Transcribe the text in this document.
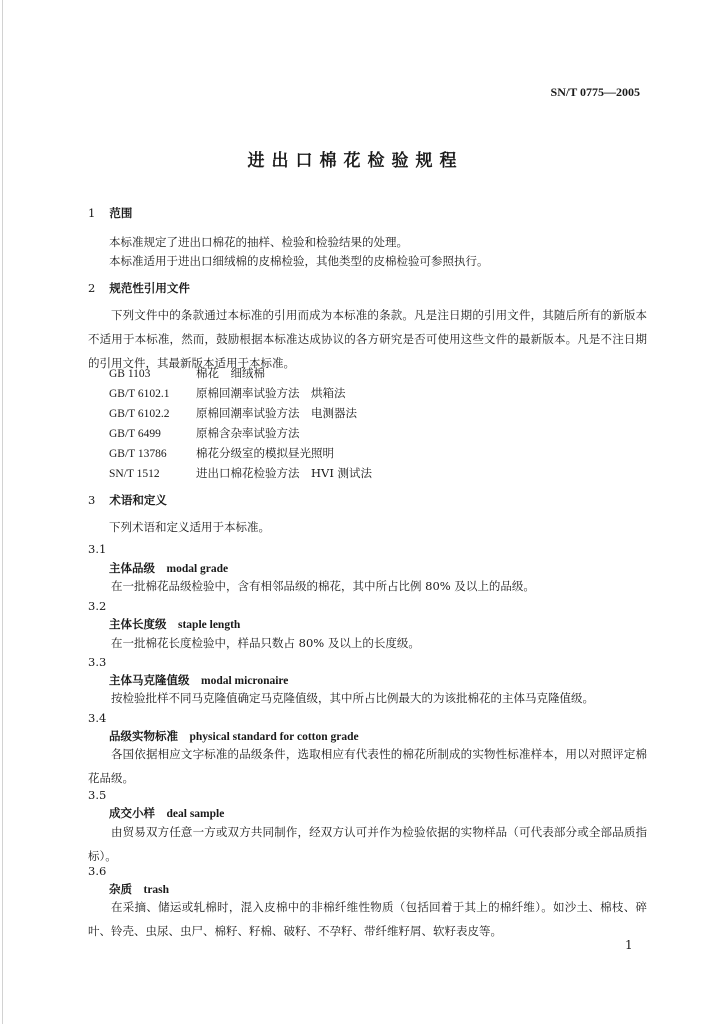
SN/T 0775—2005
进出口棉花检验规程
1 范围
本标准规定了进出口棉花的抽样、检验和检验结果的处理。
本标准适用于进出口细绒棉的皮棉检验，其他类型的皮棉检验可参照执行。
2 规范性引用文件
下列文件中的条款通过本标准的引用而成为本标准的条款。凡是注日期的引用文件，其随后所有的新版本不适用于本标准，然而，鼓励根据本标准达成协议的各方研究是否可使用这些文件的最新版本。凡是不注日期的引用文件，其最新版本适用于本标准。
GB 1103	棉花　细绒棉
GB/T 6102.1 原棉回潮率试验方法　烘箱法
GB/T 6102.2 原棉回潮率试验方法　电测器法
GB/T 6499	原棉含杂率试验方法
GB/T 13786	棉花分级室的模拟昼光照明
SN/T 1512	进出口棉花检验方法　HVI 测试法
3 术语和定义
下列术语和定义适用于本标准。
3.1
主体品级　 modal grade
在一批棉花品级检验中，含有相邻品级的棉花，其中所占比例 80% 及以上的品级。
3.2
主体长度级　 staple length
在一批棉花长度检验中，样品只数占 80% 及以上的长度级。
3.3
主体马克隆值级　 modal micronaire
按检验批样不同马克隆值确定马克隆值级，其中所占比例最大的为该批棉花的主体马克隆值级。
3.4
品级实物标准　 physical standard for cotton grade
各国依据相应文字标准的品级条件，选取相应有代表性的棉花所制成的实物性标准样本，用以对照评定棉花品级。
3.5
成交小样　 deal sample
由贸易双方任意一方或双方共同制作，经双方认可并作为检验依据的实物样品（可代表部分或全部品质指标）。
3.6
杂质　 trash
在采摘、储运或轧棉时，混入皮棉中的非棉纤维性物质（包括回着于其上的棉纤维）。如沙土、棉枝、碎叶、铃壳、虫尿、虫尸、棉籽、籽棉、破籽、不孕籽、带纤维籽屑、软籽表皮等。
1
